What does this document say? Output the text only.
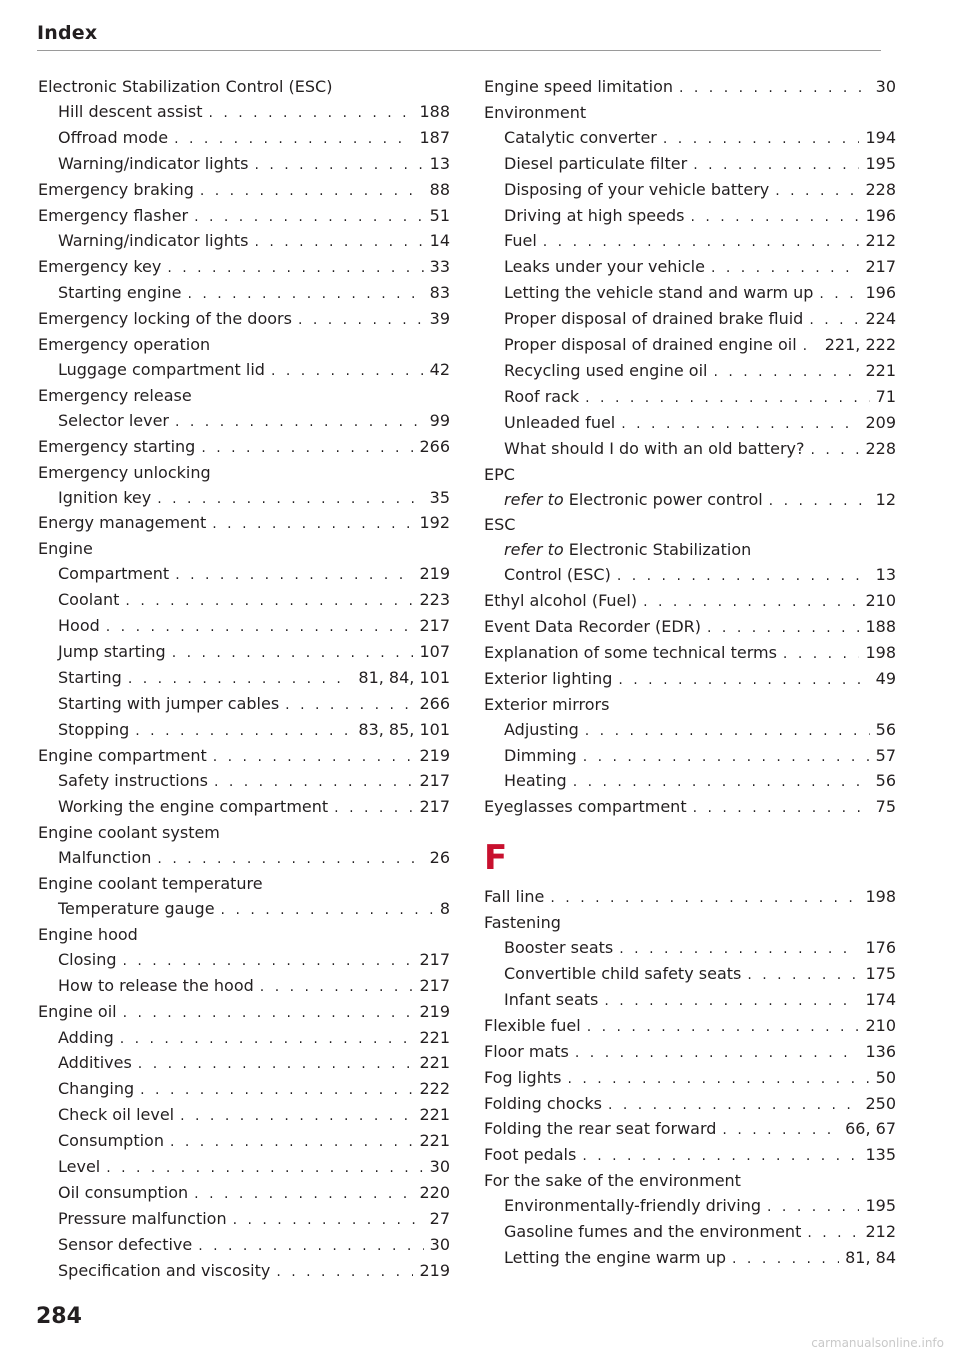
Index
Electronic Stabilization Control (ESC)
Hill descent assist . . .	188
Offroad mode . . .	187
Warning/indicator lights . . .	13
Emergency braking . . .	88
Emergency flasher . . .	51
Warning/indicator lights . . .	14
Emergency key . . .	33
Starting engine . . .	83
Emergency locking of the doors . . .	39
Emergency operation
Luggage compartment lid . . .	42
Emergency release
Selector lever . . .	99
Emergency starting . . .	266
Emergency unlocking
Ignition key . . .	35
Energy management . . .	192
Engine
Compartment . . .	219
Coolant . . .	223
Hood . . .	217
Jump starting . . .	107
Starting . . .	81, 84, 101
Starting with jumper cables . . .	266
Stopping . . .	83, 85, 101
Engine compartment . . .	219
Safety instructions . . .	217
Working the engine compartment . . .	217
Engine coolant system
Malfunction . . .	26
Engine coolant temperature
Temperature gauge . . .	8
Engine hood
Closing . . .	217
How to release the hood . . .	217
Engine oil . . .	219
Adding . . .	221
Additives . . .	221
Changing . . .	222
Check oil level . . .	221
Consumption . . .	221
Level . . .	30
Oil consumption . . .	220
Pressure malfunction . . .	27
Sensor defective . . .	30
Specification and viscosity . . .	219
Engine speed limitation . . .	30
Environment
Catalytic converter . . .	194
Diesel particulate filter . . .	195
Disposing of your vehicle battery . . .	228
Driving at high speeds . . .	196
Fuel . . .	212
Leaks under your vehicle . . .	217
Letting the vehicle stand and warm up . . .	196
Proper disposal of drained brake fluid . . .	224
Proper disposal of drained engine oil . . . 221, 222
Recycling used engine oil . . .	221
Roof rack . . .	71
Unleaded fuel . . .	209
What should I do with an old battery? . . .	228
EPC
refer to Electronic power control . . .	12
ESC
refer to Electronic Stabilization
Control (ESC) . . .	13
Ethyl alcohol (Fuel) . . .	210
Event Data Recorder (EDR) . . .	188
Explanation of some technical terms . . .	198
Exterior lighting . . .	49
Exterior mirrors
Adjusting . . .	56
Dimming . . .	57
Heating . . .	56
Eyeglasses compartment . . .	75
F
Fall line . . .	198
Fastening
Booster seats . . .	176
Convertible child safety seats . . .	175
Infant seats . . .	174
Flexible fuel . . .	210
Floor mats . . .	136
Fog lights . . .	50
Folding chocks . . .	250
Folding the rear seat forward . . .	66, 67
Foot pedals . . .	135
For the sake of the environment
Environmentally-friendly driving . . .	195
Gasoline fumes and the environment . . .	212
Letting the engine warm up . . .	81, 84
284
carmanualsonline.info
